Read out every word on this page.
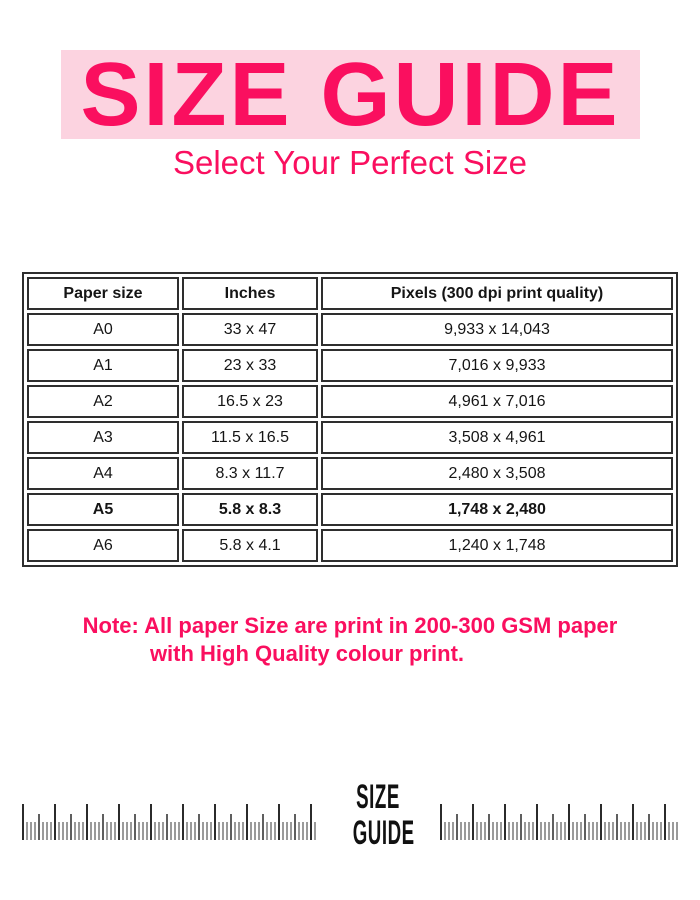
SIZE GUIDE
Select Your Perfect Size
Paper size	Inches	Pixels (300 dpi print quality)
A0	33 x 47	9,933 x 14,043
A1	23 x 33	7,016 x 9,933
A2	16.5 x 23	4,961 x 7,016
A3	11.5 x 16.5	3,508 x 4,961
A4	8.3 x 11.7	2,480 x 3,508
A5	5.8 x 8.3	1,748 x 2,480
A6	5.8 x 4.1	1,240 x 1,748
Note: All paper Size are print in 200-300 GSM paper
with High Quality colour print.
SIZE
GUIDE
